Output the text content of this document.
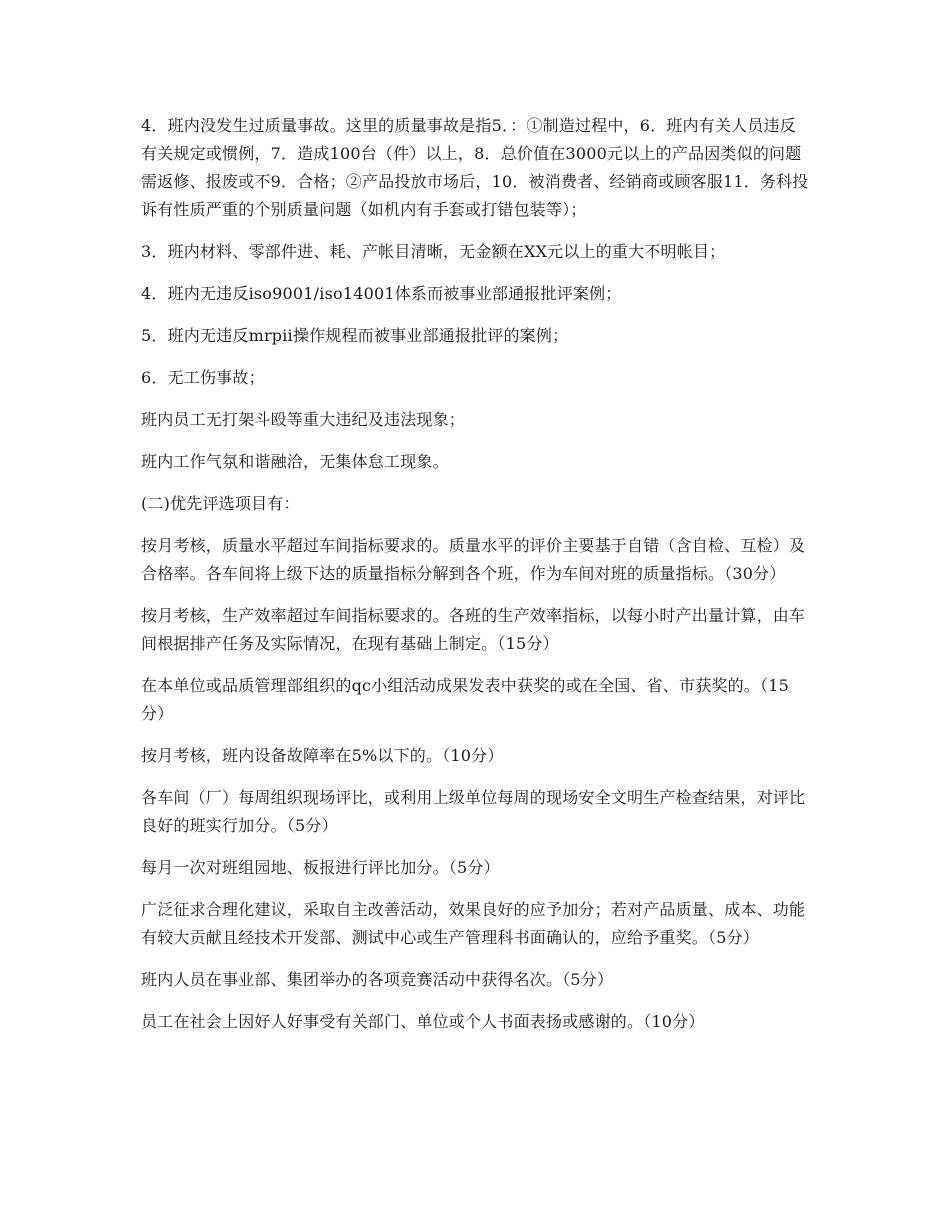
4．班内没发生过质量事故。这里的质量事故是指5．：①制造过程中，6．班内有关人员违反有关规定或惯例，7．造成100台（件）以上，8．总价值在3000元以上的产品因类似的问题需返修、报废或不9．合格；②产品投放市场后，10．被消费者、经销商或顾客服11．务科投诉有性质严重的个别质量问题（如机内有手套或打错包装等）；

3．班内材料、零部件进、耗、产帐目清晰，无金额在XX元以上的重大不明帐目；

4．班内无违反iso9001/iso14001体系而被事业部通报批评案例；

5．班内无违反mrpii操作规程而被事业部通报批评的案例；

6．无工伤事故；

班内员工无打架斗殴等重大违纪及违法现象；

班内工作气氛和谐融洽，无集体怠工现象。

(二)优先评选项目有：

按月考核，质量水平超过车间指标要求的。质量水平的评价主要基于自错（含自检、互检）及合格率。各车间将上级下达的质量指标分解到各个班，作为车间对班的质量指标。（30分）

按月考核，生产效率超过车间指标要求的。各班的生产效率指标，以每小时产出量计算，由车间根据排产任务及实际情况，在现有基础上制定。（15分）

在本单位或品质管理部组织的qc小组活动成果发表中获奖的或在全国、省、市获奖的。（15分）

按月考核，班内设备故障率在5%以下的。（10分）

各车间（厂）每周组织现场评比，或利用上级单位每周的现场安全文明生产检查结果，对评比良好的班实行加分。（5分）

每月一次对班组园地、板报进行评比加分。（5分）

广泛征求合理化建议，采取自主改善活动，效果良好的应予加分；若对产品质量、成本、功能有较大贡献且经技术开发部、测试中心或生产管理科书面确认的，应给予重奖。（5分）

班内人员在事业部、集团举办的各项竞赛活动中获得名次。（5分）

员工在社会上因好人好事受有关部门、单位或个人书面表扬或感谢的。（10分）
